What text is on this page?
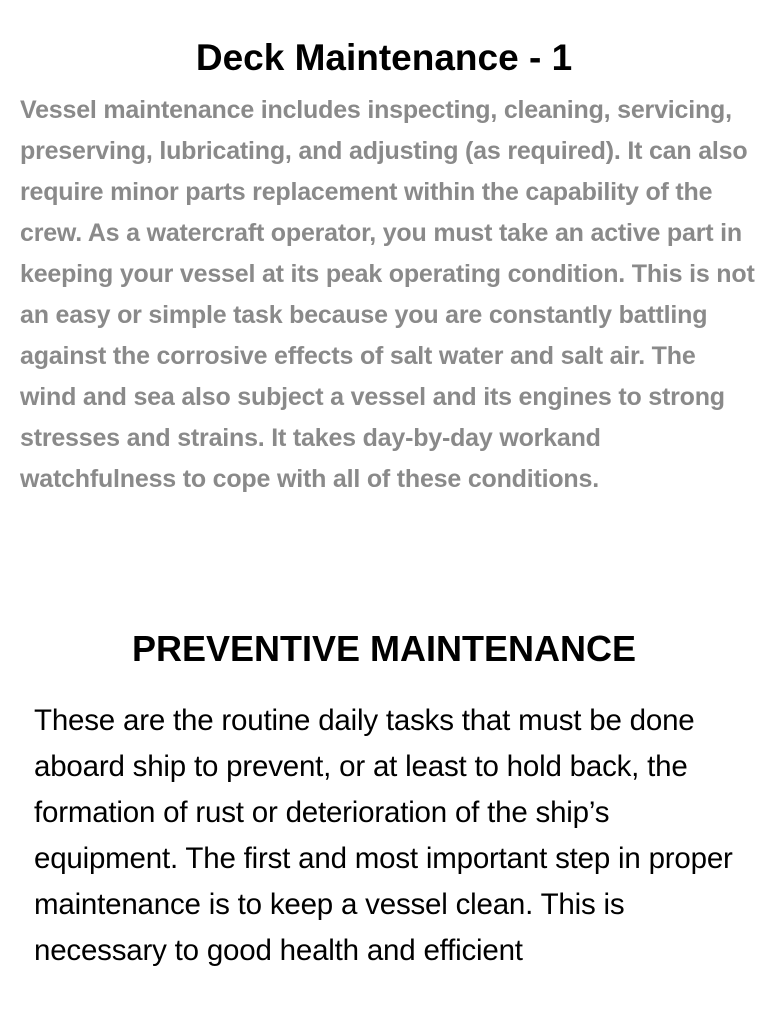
Deck Maintenance - 1

Vessel maintenance includes inspecting, cleaning, servicing, preserving, lubricating, and adjusting (as required). It can also require minor parts replacement within the capability of the crew. As a watercraft operator, you must take an active part in keeping your vessel at its peak operating condition. This is not an easy or simple task because you are constantly battling against the corrosive effects of salt water and salt air. The wind and sea also subject a vessel and its engines to strong stresses and strains. It takes day-by-day workand watchfulness to cope with all of these conditions.

PREVENTIVE MAINTENANCE

These are the routine daily tasks that must be done aboard ship to prevent, or at least to hold back, the formation of rust or deterioration of the ship’s equipment. The first and most important step in proper maintenance is to keep a vessel clean. This is necessary to good health and efficient
